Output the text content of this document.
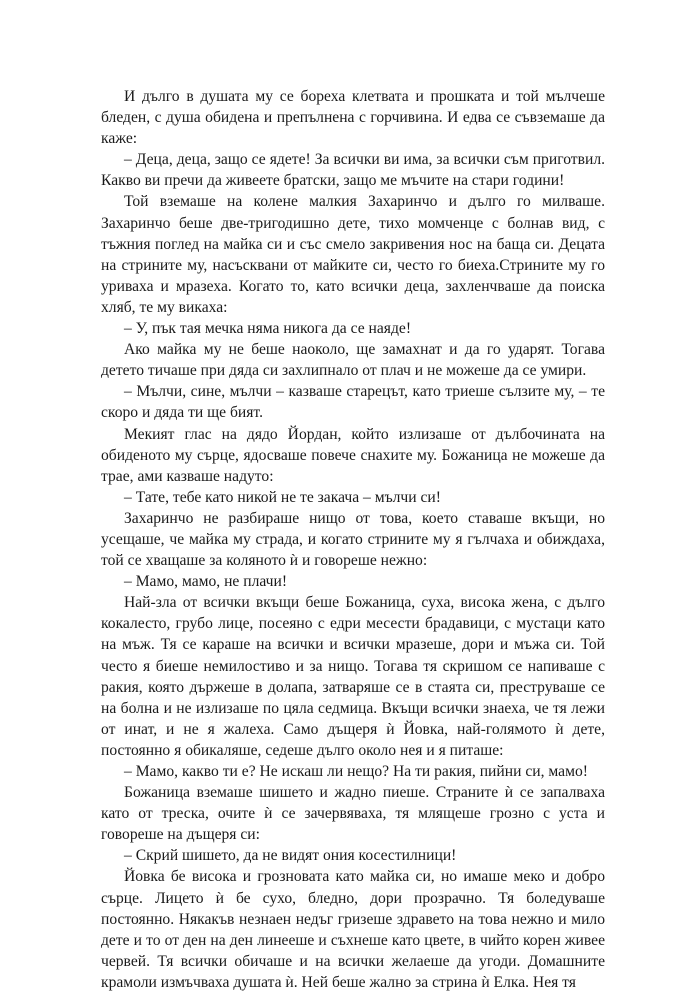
И дълго в душата му се бореха клетвата и прошката и той мълчеше бледен, с душа обидена и препълнена с горчивина. И едва се съвземаше да каже:

– Деца, деца, защо се ядете! За всички ви има, за всички съм приготвил. Какво ви пречи да живеете братски, защо ме мъчите на стари години!

Той вземаше на колене малкия Захаринчо и дълго го милваше. Захаринчо беше две-тригодишно дете, тихо момченце с болнав вид, с тъжния поглед на майка си и със смело закривения нос на баща си. Децата на стрините му, насъсквани от майките си, често го биеха.Стрините му го уриваха и мразеха. Когато то, като всички деца, захленчваше да поиска хляб, те му викаха:

– У, пък тая мечка няма никога да се наяде!

Ако майка му не беше наоколо, ще замахнат и да го ударят. Тогава детето тичаше при дяда си захлипнало от плач и не можеше да се умири.

– Мълчи, сине, мълчи – казваше старецът, като триеше сълзите му, – те скоро и дяда ти ще бият.

Мекият глас на дядо Йордан, който излизаше от дълбочината на обиденото му сърце, ядосваше повече снахите му. Божаница не можеше да трае, ами казваше надуто:

– Тате, тебе като никой не те закача – мълчи си!

Захаринчо не разбираше нищо от това, което ставаше вкъщи, но усещаше, че майка му страда, и когато стрините му я гълчаха и обиждаха, той се хващаше за коляното ѝ и говореше нежно:

– Мамо, мамо, не плачи!

Най-зла от всички вкъщи беше Божаница, суха, висока жена, с дълго кокалесто, грубо лице, посеяно с едри месести брадавици, с мустаци като на мъж. Тя се караше на всички и всички мразеше, дори и мъжа си. Той често я биеше немилостиво и за нищо. Тогава тя скришом се напиваше с ракия, която държеше в долапа, затваряше се в стаята си, преструваше се на болна и не излизаше по цяла седмица. Вкъщи всички знаеха, че тя лежи от инат, и не я жалеха. Само дъщеря ѝ Йовка, най-голямото ѝ дете, постоянно я обикаляше, седеше дълго около нея и я питаше:

– Мамо, какво ти е? Не искаш ли нещо? На ти ракия, пийни си, мамо!

Божаница вземаше шишето и жадно пиеше. Страните ѝ се запалваха като от треска, очите ѝ се зачервяваха, тя млящеше грозно с уста и говореше на дъщеря си:

– Скрий шишето, да не видят ония косестилници!

Йовка бе висока и грозновата като майка си, но имаше меко и добро сърце. Лицето ѝ бе сухо, бледно, дори прозрачно. Тя боледуваше постоянно. Някакъв незнаен недъг гризеше здравето на това нежно и мило дете и то от ден на ден линееше и съхнеше като цвете, в чийто корен живее червей. Тя всички обичаше и на всички желаеше да угоди. Домашните крамоли измъчваха душата ѝ. Ней беше жално за стрина ѝ Елка. Нея тя
